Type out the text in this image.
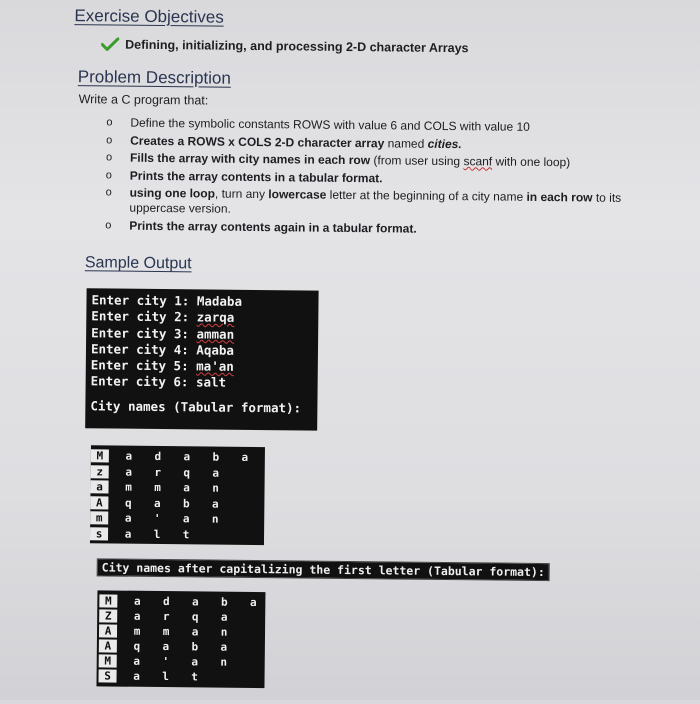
Exercise Objectives
Defining, initializing, and processing 2-D character Arrays
Problem Description
Write a C program that:
o Define the symbolic constants ROWS with value 6 and COLS with value 10
o Creates a ROWS x COLS 2-D character array named cities.
o Fills the array with city names in each row (from user using scanf with one loop)
o Prints the array contents in a tabular format.
o using one loop, turn any lowercase letter at the beginning of a city name in each row to its
uppercase version.
o Prints the array contents again in a tabular format.
Sample Output
Enter city 1: Madaba
Enter city 2: zarqa
Enter city 3: amman
Enter city 4: Aqaba
Enter city 5: ma'an
Enter city 6: salt
City names (Tabular format):
M	a	d	a	b	a
z	a	r	q	a
a	m	m	a	n
A	q	a	b	a
m	a	'	a	n
s	a	l	t
City names after capitalizing the first letter (Tabular format):
M	a	d	a	b	a
Z	a	r	q	a
A	m	m	a	n
A	q	a	b	a
M	a	'	a	n
S	a	l	t
